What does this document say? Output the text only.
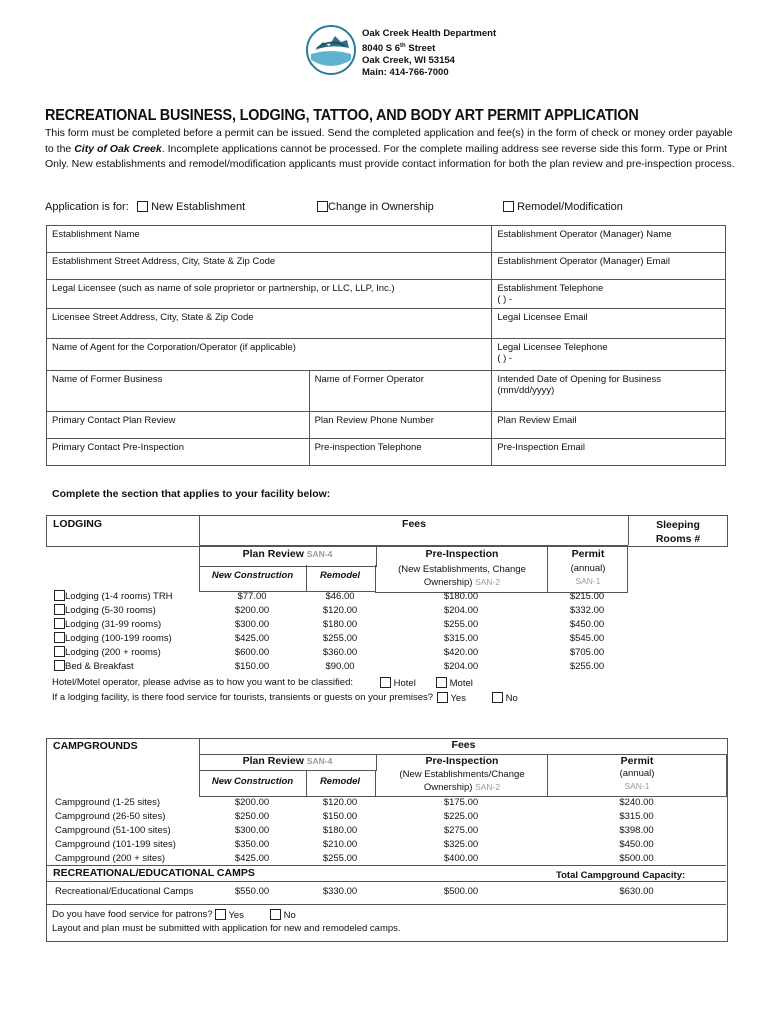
Oak Creek Health Department
8040 S 6th Street
Oak Creek, WI 53154
Main: 414-766-7000
RECREATIONAL BUSINESS, LODGING, TATTOO, AND BODY ART PERMIT APPLICATION
This form must be completed before a permit can be issued. Send the completed application and fee(s) in the form of check or money order payable to the City of Oak Creek. Incomplete applications cannot be processed. For the complete mailing address see reverse side this form. Type or Print Only. New establishments and remodel/modification applicants must provide contact information for both the plan review and pre-inspection process.
Application is for:	New Establishment	Change in Ownership	Remodel/Modification
Establishment Name		Establishment Operator (Manager) Name
Establishment Street Address, City, State & Zip Code		Establishment Operator (Manager) Email
Legal Licensee (such as name of sole proprietor or partnership, or LLC, LLP, Inc.)		Establishment Telephone
( ) -

Licensee Street Address, City, State & Zip Code		Legal Licensee Email
Name of Agent for the Corporation/Operator (if applicable)		Legal Licensee Telephone
( ) -

Name of Former Business	Name of Former Operator	Intended Date of Opening for Business (mm/dd/yyyy)
Primary Contact Plan Review	Plan Review Phone Number	Plan Review Email
Primary Contact Pre-Inspection	Pre-inspection Telephone	Pre-Inspection Email
Complete the section that applies to your facility below:
LODGING	Fees	Sleeping Rooms #
Plan Review SAN-4
New Construction	Remodel
Pre-Inspection
(New Establishments, Change Ownership) SAN-2
Permit
(annual)
SAN-1
Lodging (1-4 rooms) TRH	$77.00	$46.00	$180.00	$215.00
Lodging (5-30 rooms)	$200.00	$120.00	$204.00	$332.00
Lodging (31-99 rooms)	$300.00	$180.00	$255.00	$450.00
Lodging (100-199 rooms)	$425.00	$255.00	$315.00	$545.00
Lodging (200 + rooms)	$600.00	$360.00	$420.00	$705.00
Bed & Breakfast	$150.00	$90.00	$204.00	$255.00
Hotel/Motel operator, please advise as to how you want to be classified:	Hotel	Motel
If a lodging facility, is there food service for tourists, transients or guests on your premises?	Yes	No
CAMPGROUNDS	Fees
Plan Review SAN-4
New Construction	Remodel
Pre-Inspection
(New Establishments/Change Ownership) SAN-2
Permit
(annual)
SAN-1
Campground (1-25 sites)	$200.00	$120.00	$175.00	$240.00
Campground (26-50 sites)	$250.00	$150.00	$225.00	$315.00
Campground (51-100 sites)	$300.00	$180.00	$275.00	$398.00
Campground (101-199 sites)	$350.00	$210.00	$325.00	$450.00
Campground (200 + sites)	$425.00	$255.00	$400.00	$500.00
RECREATIONAL/EDUCATIONAL CAMPS	Total Campground Capacity:
Recreational/Educational Camps	$550.00	$330.00	$500.00	$630.00
Do you have food service for patrons?	Yes	No
Layout and plan must be submitted with application for new and remodeled camps.
